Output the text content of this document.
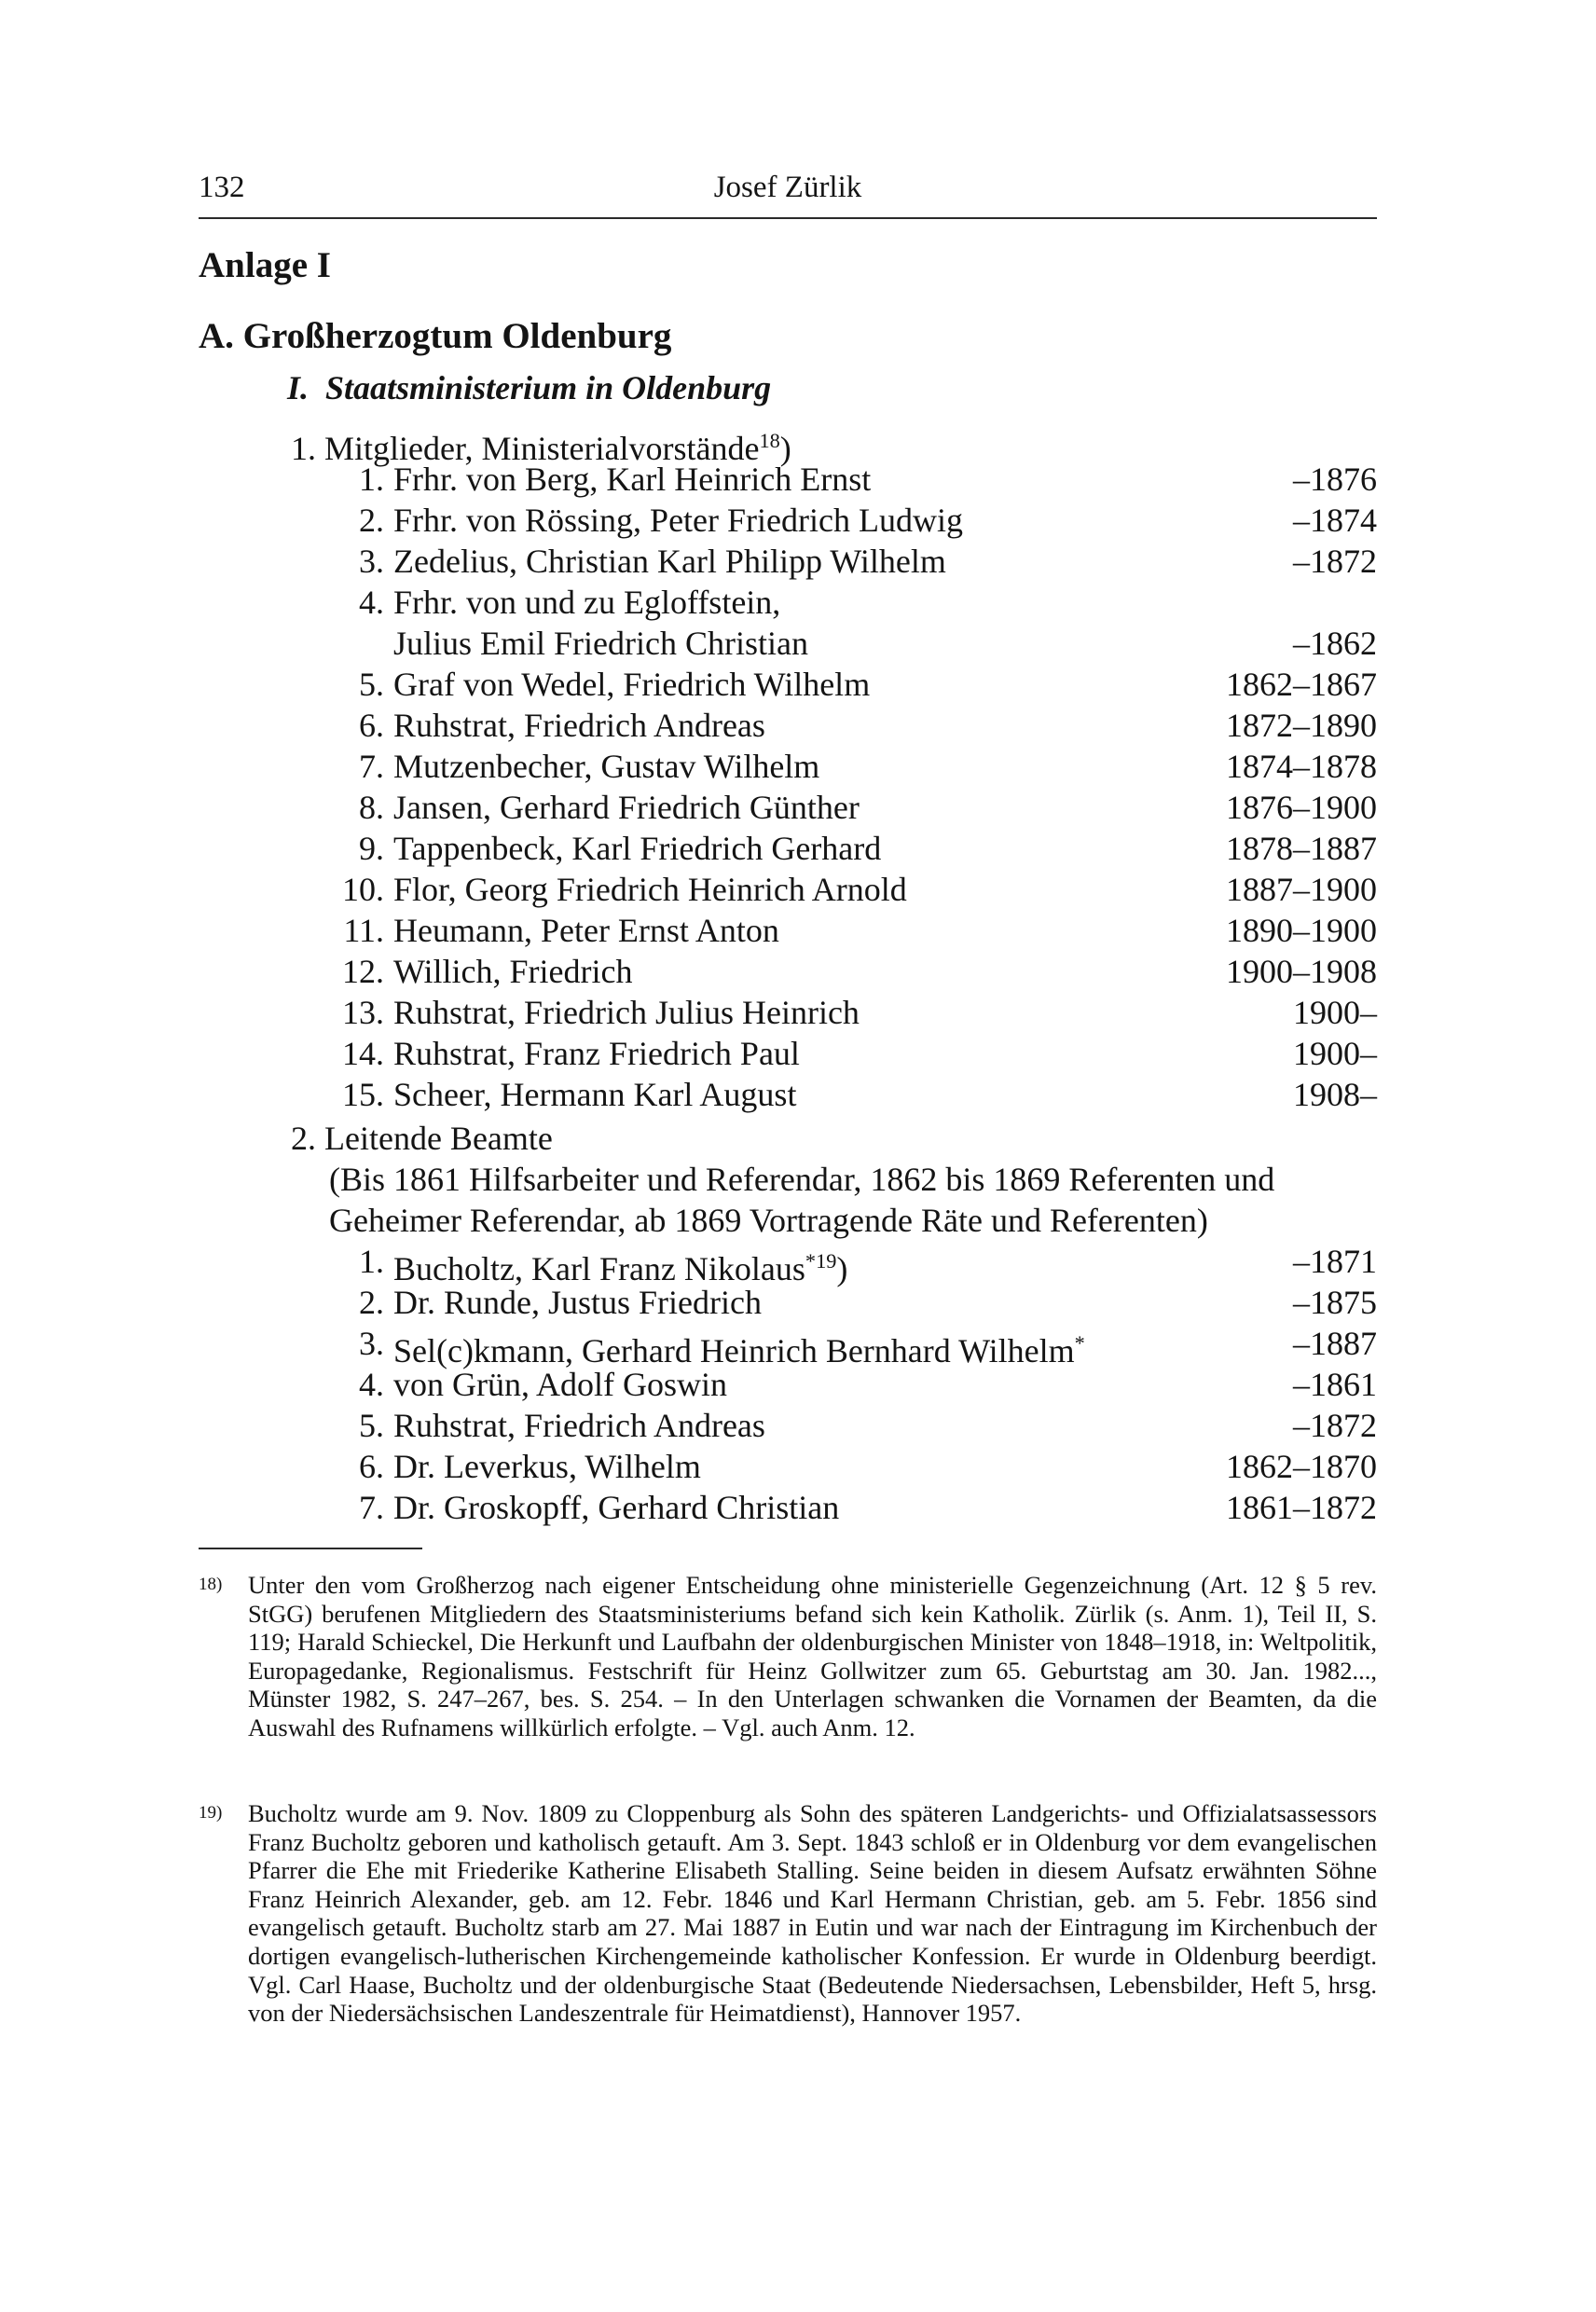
132	Josef Zürlik
Anlage I
A. Großherzogtum Oldenburg
I. Staatsministerium in Oldenburg
1. Mitglieder, Ministerialvorstände$^{18}$)
1. Frhr. von Berg, Karl Heinrich Ernst	–1876
2. Frhr. von Rössing, Peter Friedrich Ludwig	–1874
3. Zedelius, Christian Karl Philipp Wilhelm	–1872
4. Frhr. von und zu Egloffstein,
Julius Emil Friedrich Christian	–1862
5. Graf von Wedel, Friedrich Wilhelm	1862–1867
6. Ruhstrat, Friedrich Andreas	1872–1890
7. Mutzenbecher, Gustav Wilhelm	1874–1878
8. Jansen, Gerhard Friedrich Günther	1876–1900
9. Tappenbeck, Karl Friedrich Gerhard	1878–1887
10. Flor, Georg Friedrich Heinrich Arnold	1887–1900
11. Heumann, Peter Ernst Anton	1890–1900
12. Willich, Friedrich	1900–1908
13. Ruhstrat, Friedrich Julius Heinrich	1900–
14. Ruhstrat, Franz Friedrich Paul	1900–
15. Scheer, Hermann Karl August	1908–
2. Leitende Beamte

(Bis 1861 Hilfsarbeiter und Referendar, 1862 bis 1869 Referenten und

Geheimer Referendar, ab 1869 Vortragende Räte und Referenten)

1. Bucholtz, Karl Franz Nikolaus$^{*19}$)	–1871
2. Dr. Runde, Justus Friedrich	–1875
3. Sel(c)kmann, Gerhard Heinrich Bernhard Wilhelm*	–1887
4. von Grün, Adolf Goswin	–1861
5. Ruhstrat, Friedrich Andreas	–1872
6. Dr. Leverkus, Wilhelm	1862–1870
7. Dr. Groskopff, Gerhard Christian	1861–1872
18) Unter den vom Großherzog nach eigener Entscheidung ohne ministerielle Gegenzeichnung (Art. 12 § 5 rev. StGG) berufenen Mitgliedern des Staatsministeriums befand sich kein Katholik. Zürlik (s. Anm. 1), Teil II, S. 119; Harald Schieckel, Die Herkunft und Laufbahn der oldenburgischen Minister von 1848–1918, in: Weltpolitik, Europagedanke, Regionalismus. Festschrift für Heinz Gollwitzer zum 65. Geburtstag am 30. Jan. 1982..., Münster 1982, S. 247–267, bes. S. 254. – In den Unterlagen schwanken die Vornamen der Beamten, da die Auswahl des Rufnamens willkürlich erfolgte. – Vgl. auch Anm. 12.
19) Bucholtz wurde am 9. Nov. 1809 zu Cloppenburg als Sohn des späteren Landgerichts- und Offizialatsassessors Franz Bucholtz geboren und katholisch getauft. Am 3. Sept. 1843 schloß er in Oldenburg vor dem evangelischen Pfarrer die Ehe mit Friederike Katherine Elisabeth Stalling. Seine beiden in diesem Aufsatz erwähnten Söhne Franz Heinrich Alexander, geb. am 12. Febr. 1846 und Karl Hermann Christian, geb. am 5. Febr. 1856 sind evangelisch getauft. Bucholtz starb am 27. Mai 1887 in Eutin und war nach der Eintragung im Kirchenbuch der dortigen evangelisch-lutherischen Kirchengemeinde katholischer Konfession. Er wurde in Oldenburg beerdigt. Vgl. Carl Haase, Bucholtz und der oldenburgische Staat (Bedeutende Niedersachsen, Lebensbilder, Heft 5, hrsg. von der Niedersächsischen Landeszentrale für Heimatdienst), Hannover 1957.
